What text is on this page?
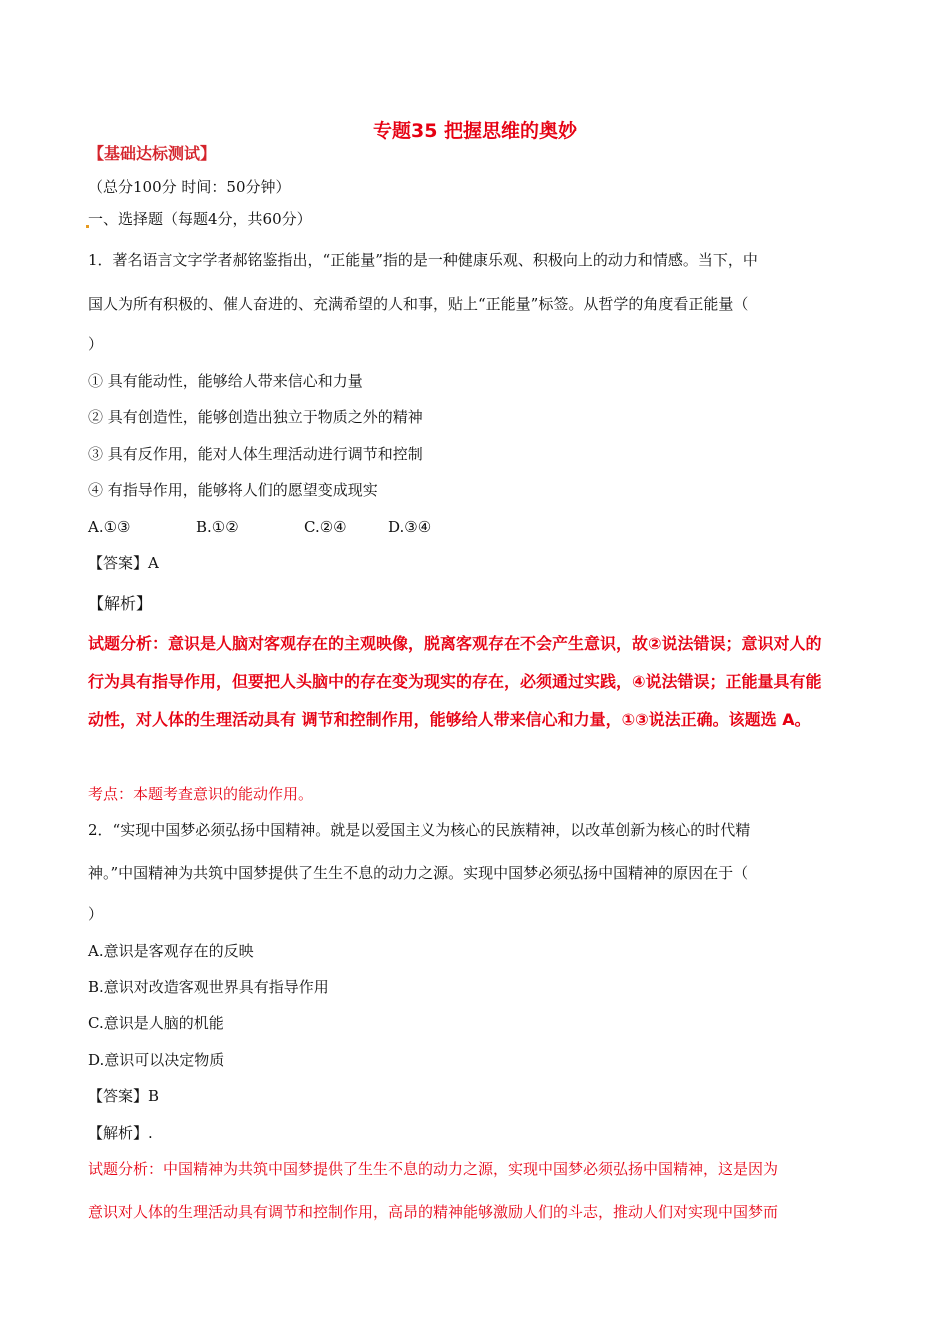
专题35 把握思维的奥妙
【基础达标测试】
（总分100分 时间：50分钟）
一、选择题（每题4分，共60分）
1．著名语言文字学者郝铭鉴指出，“正能量”指的是一种健康乐观、积极向上的动力和情感。当下，中
国人为所有积极的、催人奋进的、充满希望的人和事，贴上“正能量”标签。从哲学的角度看正能量（
）
① 具有能动性，能够给人带来信心和力量
② 具有创造性，能够创造出独立于物质之外的精神
③ 具有反作用，能对人体生理活动进行调节和控制
④ 有指导作用，能够将人们的愿望变成现实
A.①③	B.①②	C.②④	D.③④
【答案】A
【解析】
试题分析：意识是人脑对客观存在的主观映像，脱离客观存在不会产生意识，故②说法错误；意识对人的
行为具有指导作用，但要把人头脑中的存在变为现实的存在，必须通过实践，④说法错误；正能量具有能
动性，对人体的生理活动具有 调节和控制作用，能够给人带来信心和力量，①③说法正确。该题选 A。
考点：本题考查意识的能动作用。
2．“实现中国梦必须弘扬中国精神。就是以爱国主义为核心的民族精神，以改革创新为核心的时代精
神。”中国精神为共筑中国梦提供了生生不息的动力之源。实现中国梦必须弘扬中国精神的原因在于（
）
A.意识是客观存在的反映
B.意识对改造客观世界具有指导作用
C.意识是人脑的机能
D.意识可以决定物质
【答案】B
【解析】.
试题分析：中国精神为共筑中国梦提供了生生不息的动力之源，实现中国梦必须弘扬中国精神，这是因为
意识对人体的生理活动具有调节和控制作用，高昂的精神能够激励人们的斗志，推动人们对实现中国梦而
